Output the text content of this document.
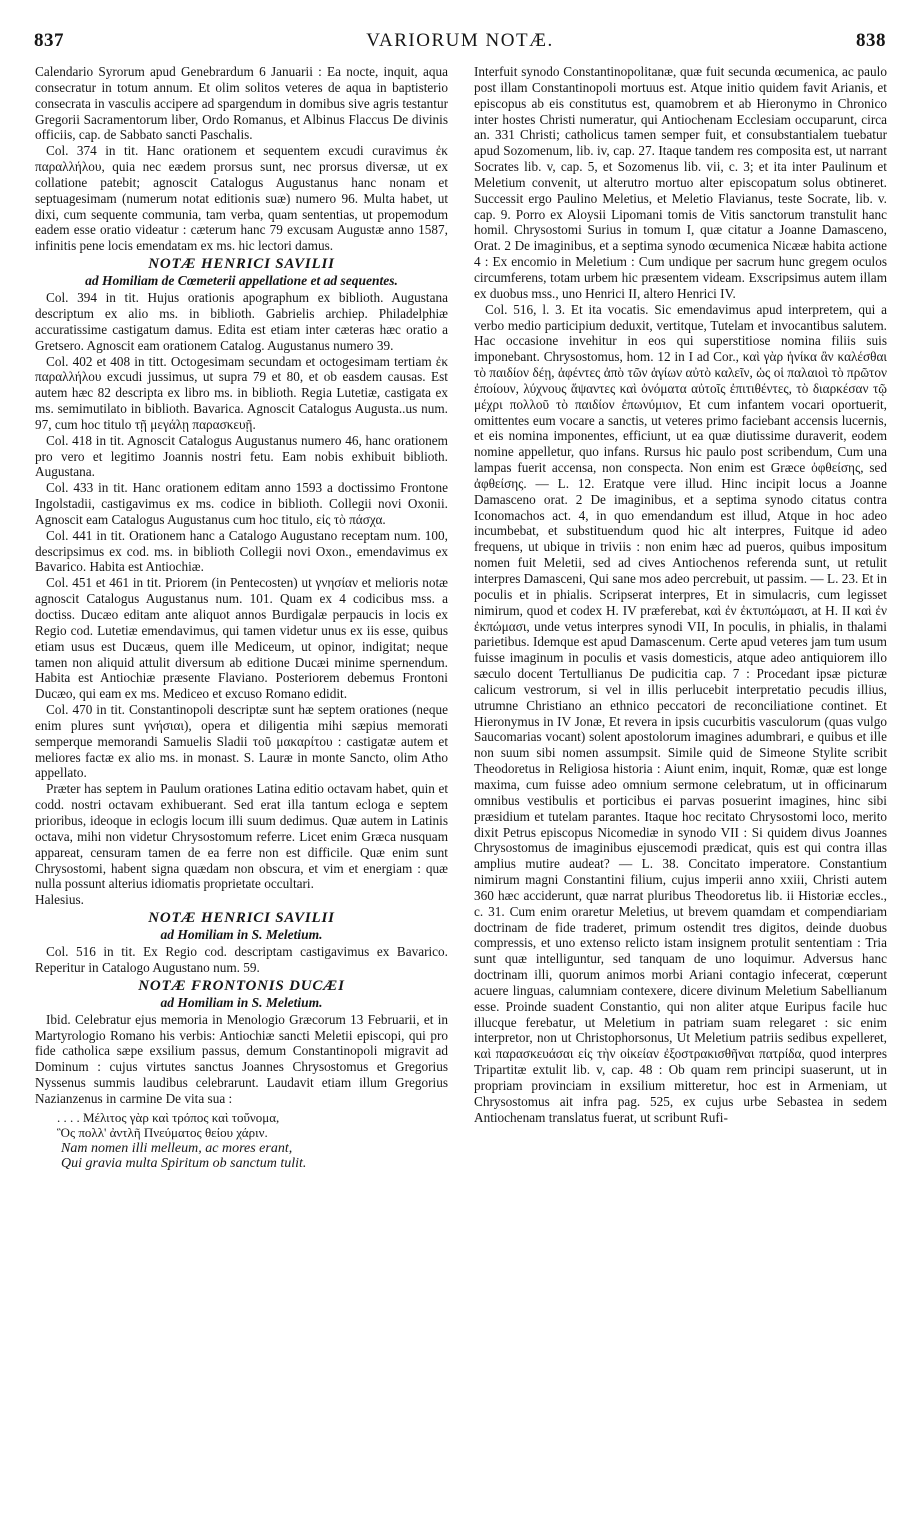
837	VARIORUM NOTÆ.	838

Calendario Syrorum apud Genebrardum 6 Januarii : Ea nocte, inquit, aqua consecratur in totum annum. Et olim solitos veteres de aqua in baptisterio consecrata in vasculis accipere ad spargendum in domibus sive agris testantur Gregorii Sacramentorum liber, Ordo Romanus, et Albinus Flaccus De divinis officiis, cap. de Sabbato sancti Paschalis.

Col. 374 in tit. Hanc orationem et sequentem excudi curavimus ἐκ παραλλήλου, quia nec eædem prorsus sunt, nec prorsus diversæ, ut ex collatione patebit; agnoscit Catalogus Augustanus hanc nonam et septuagesimam (numerum notat editionis suæ) numero 96. Multa habet, ut dixi, cum sequente communia, tam verba, quam sententias, ut propemodum eadem esse oratio videatur : cæterum hanc 79 excusam Augustæ anno 1587, infinitis pene locis emendatam ex ms. hic lectori damus.

NOTÆ HENRICI SAVILII
ad Homiliam de Cœmeterii appellatione et ad sequentes.

Col. 394 in tit. Hujus orationis apographum ex biblioth. Augustana descriptum ex alio ms. in biblioth. Gabrielis archiep. Philadelphiæ accuratissime castigatum damus. Edita est etiam inter cæteras hæc oratio a Gretsero. Agnoscit eam orationem Catalog. Augustanus numero 39.

Col. 402 et 408 in titt. Octogesimam secundam et octogesimam tertiam ἐκ παραλλήλου excudi jussimus, ut supra 79 et 80, et ob easdem causas. Est autem hæc 82 descripta ex libro ms. in biblioth. Regia Lutetiæ, castigata ex ms. semimutilato in biblioth. Bavarica. Agnoscit Catalogus Augusta..us num. 97, cum hoc titulo τῇ μεγάλῃ παρασκευῇ.

Col. 418 in tit. Agnoscit Catalogus Augustanus numero 46, hanc orationem pro vero et legitimo Joannis nostri fetu. Eam nobis exhibuit biblioth. Augustana.

Col. 433 in tit. Hanc orationem editam anno 1593 a doctissimo Frontone Ingolstadii, castigavimus ex ms. codice in biblioth. Collegii novi Oxonii. Agnoscit eam Catalogus Augustanus cum hoc titulo, εἰς τὸ πάσχα.

Col. 441 in tit. Orationem hanc a Catalogo Augustano receptam num. 100, descripsimus ex cod. ms. in biblioth Collegii novi Oxon., emendavimus ex Bavarico. Habita est Antiochiæ.

Col. 451 et 461 in tit. Priorem (in Pentecosten) ut γνησίαν et melioris notæ agnoscit Catalogus Augustanus num. 101. Quam ex 4 codicibus mss. a doctiss. Ducæo editam ante aliquot annos Burdigalæ perpaucis in locis ex Regio cod. Lutetiæ emendavimus, qui tamen videtur unus ex iis esse, quibus etiam usus est Ducæus, quem ille Mediceum, ut opinor, indigitat; neque tamen non aliquid attulit diversum ab editione Ducæi minime spernendum. Habita est Antiochiæ præsente Flaviano. Posteriorem debemus Frontoni Ducæo, qui eam ex ms. Mediceo et excuso Romano edidit.

Col. 470 in tit. Constantinopoli descriptæ sunt hæ septem orationes (neque enim plures sunt γνήσιαι), opera et diligentia mihi sæpius memorati semperque memorandi Samuelis Sladii τοῦ μακαρίτου : castigatæ autem et meliores factæ ex alio ms. in monast. S. Lauræ in monte Sancto, olim Atho appellato.

Præter has septem in Paulum orationes Latina editio octavam habet, quin et codd. nostri octavam exhibuerant. Sed erat illa tantum ecloga e septem prioribus, ideoque in eclogis locum illi suum dedimus. Quæ autem in Latinis octava, mihi non videtur Chrysostomum referre. Licet enim Græca nusquam appareat, censuram tamen de ea ferre non est difficile. Quæ enim sunt Chrysostomi, habent signa quædam non obscura, et vim et energiam : quæ nulla possunt alterius idiomatis proprietate occultari.

Halesius.

NOTÆ HENRICI SAVILII
ad Homiliam in S. Meletium.

Col. 516 in tit. Ex Regio cod. descriptam castigavimus ex Bavarico. Reperitur in Catalogo Augustano num. 59.

NOTÆ FRONTONIS DUCÆI
ad Homiliam in S. Meletium.

Ibid. Celebratur ejus memoria in Menologio Græcorum 13 Februarii, et in Martyrologio Romano his verbis: Antiochiæ sancti Meletii episcopi, qui pro fide catholica sæpe exsilium passus, demum Constantinopoli migravit ad Dominum : cujus virtutes sanctus Joannes Chrysostomus et Gregorius Nyssenus summis laudibus celebrarunt. Laudavit etiam illum Gregorius Nazianzenus in carmine De vita sua :

. . . . Μέλιτος γὰρ καὶ τρόπος καὶ τοὔνομα,
Ὃς πολλ' ἀντλῆ Πνεύματος θείου χάριν.
Nam nomen illi melleum, ac mores erant,
Qui gravia multa Spiritum ob sanctum tulit.

Interfuit synodo Constantinopolitanæ, quæ fuit secunda œcumenica, ac paulo post illam Constantinopoli mortuus est. Atque initio quidem favit Arianis, et episcopus ab eis constitutus est, quamobrem et ab Hieronymo in Chronico inter hostes Christi numeratur, qui Antiochenam Ecclesiam occuparunt, circa an. 331 Christi; catholicus tamen semper fuit, et consubstantialem tuebatur apud Sozomenum, lib. iv, cap. 27. Itaque tandem res composita est, ut narrant Socrates lib. v, cap. 5, et Sozomenus lib. vii, c. 3; et ita inter Paulinum et Meletium convenit, ut alterutro mortuo alter episcopatum solus obtineret. Successit ergo Paulino Meletius, et Meletio Flavianus, teste Socrate, lib. v. cap. 9. Porro ex Aloysii Lipomani tomis de Vitis sanctorum transtulit hanc homil. Chrysostomi Surius in tomum I, quæ citatur a Joanne Damasceno, Orat. 2 De imaginibus, et a septima synodo œcumenica Nicææ habita actione 4 : Ex encomio in Meletium : Cum undique per sacrum hunc gregem oculos circumferens, totam urbem hic præsentem videam. Exscripsimus autem illam ex duobus mss., uno Henrici II, altero Henrici IV.

Col. 516, l. 3. Et ita vocatis. Sic emendavimus apud interpretem, qui a verbo medio participium deduxit, vertitque, Tutelam et invocantibus salutem. Hac occasione invehitur in eos qui superstitiose nomina filiis suis imponebant. Chrysostomus, hom. 12 in I ad Cor., καὶ γὰρ ἡνίκα ἂν καλέσθαι τὸ παιδίον δέῃ, ἀφέντες ἀπὸ τῶν ἁγίων αὐτὸ καλεῖν, ὡς οἱ παλαιοὶ τὸ πρῶτον ἐποίουν, λύχνους ἅψαντες καὶ ὀνόματα αὐτοῖς ἐπιτιθέντες, τὸ διαρκέσαν τῷ μέχρι πολλοῦ τὸ παιδίον ἐπωνύμιον, Et cum infantem vocari oportuerit, omittentes eum vocare a sanctis, ut veteres primo faciebant accensis lucernis, et eis nomina imponentes, efficiunt, ut ea quæ diutissime duraverit, eodem nomine appelletur, quo infans. Rursus hic paulo post scribendum, Cum una lampas fuerit accensa, non conspecta. Non enim est Græce ὀφθείσης, sed ἀφθείσης. — L. 12. Eratque vere illud. Hinc incipit locus a Joanne Damasceno orat. 2 De imaginibus, et a septima synodo citatus contra Iconomachos act. 4, in quo emendandum est illud, Atque in hoc adeo incumbebat, et substituendum quod hic alt interpres, Fuitque id adeo frequens, ut ubique in triviis : non enim hæc ad pueros, quibus impositum nomen fuit Meletii, sed ad cives Antiochenos referenda sunt, ut retulit interpres Damasceni, Qui sane mos adeo percrebuit, ut passim. — L. 23. Et in poculis et in phialis. Scripserat interpres, Et in simulacris, cum legisset nimirum, quod et codex H. IV præferebat, καὶ ἐν ἐκτυπώμασι, at H. II καὶ ἐν ἐκπώμασι, unde vetus interpres synodi VII, In poculis, in phialis, in thalami parietibus. Idemque est apud Damascenum. Certe apud veteres jam tum usum fuisse imaginum in poculis et vasis domesticis, atque adeo antiquiorem illo sæculo docent Tertullianus De pudicitia cap. 7 : Procedant ipsæ picturæ calicum vestrorum, si vel in illis perlucebit interpretatio pecudis illius, utrumne Christiano an ethnico peccatori de reconciliatione continet. Et Hieronymus in IV Jonæ, Et revera in ipsis cucurbitis vasculorum (quas vulgo Saucomarias vocant) solent apostolorum imagines adumbrari, e quibus et ille non suum sibi nomen assumpsit. Simile quid de Simeone Stylite scribit Theodoretus in Religiosa historia : Aiunt enim, inquit, Romæ, quæ est longe maxima, cum fuisse adeo omnium sermone celebratum, ut in officinarum omnibus vestibulis et porticibus ei parvas posuerint imagines, hinc sibi præsidium et tutelam parantes. Itaque hoc recitato Chrysostomi loco, merito dixit Petrus episcopus Nicomediæ in synodo VII : Si quidem divus Joannes Chrysostomus de imaginibus ejuscemodi prædicat, quis est qui contra illas amplius mutire audeat? — L. 38. Concitato imperatore. Constantium nimirum magni Constantini filium, cujus imperii anno xxiii, Christi autem 360 hæc acciderunt, quæ narrat pluribus Theodoretus lib. ii Historiæ eccles., c. 31. Cum enim oraretur Meletius, ut brevem quamdam et compendiariam doctrinam de fide traderet, primum ostendit tres digitos, deinde duobus compressis, et uno extenso relicto istam insignem protulit sententiam : Tria sunt quæ intelliguntur, sed tanquam de uno loquimur. Adversus hanc doctrinam illi, quorum animos morbi Ariani contagio infecerat, cœperunt acuere linguas, calumniam contexere, dicere divinum Meletium Sabellianum esse. Proinde suadent Constantio, qui non aliter atque Euripus facile huc illucque ferebatur, ut Meletium in patriam suam relegaret : sic enim interpretor, non ut Christophorsonus, Ut Meletium patriis sedibus expelleret, καὶ παρασκευάσαι εἰς τὴν οἰκείαν ἐξοστρακισθῆναι πατρίδα, quod interpres Tripartitæ extulit lib. v, cap. 48 : Ob quam rem principi suaserunt, ut in propriam provinciam in exsilium mitteretur, hoc est in Armeniam, ut Chrysostomus ait infra pag. 525, ex cujus urbe Sebastea in sedem Antiochenam translatus fuerat, ut scribunt Rufi-
